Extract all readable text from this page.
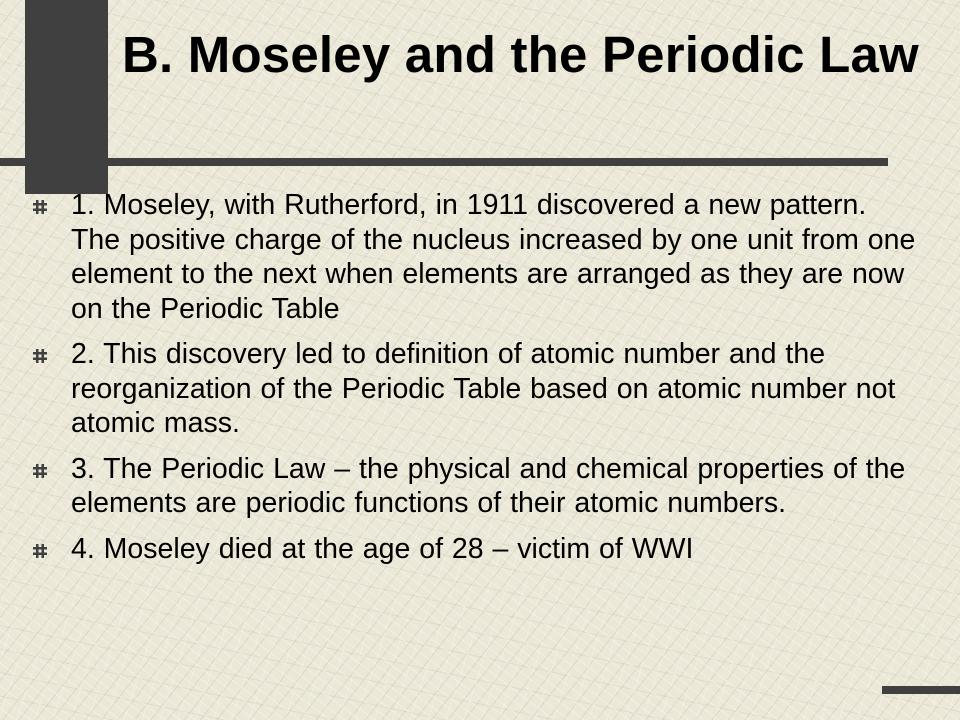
B. Moseley and the Periodic Law
1. Moseley, with Rutherford, in 1911 discovered a new pattern. The positive charge of the nucleus increased by one unit from one element to the next when elements are arranged as they are now on the Periodic Table
2. This discovery led to definition of atomic number and the reorganization of the Periodic Table based on atomic number not atomic mass.
3. The Periodic Law – the physical and chemical properties of the elements are periodic functions of their atomic numbers.
4. Moseley died at the age of 28 – victim of WWI
